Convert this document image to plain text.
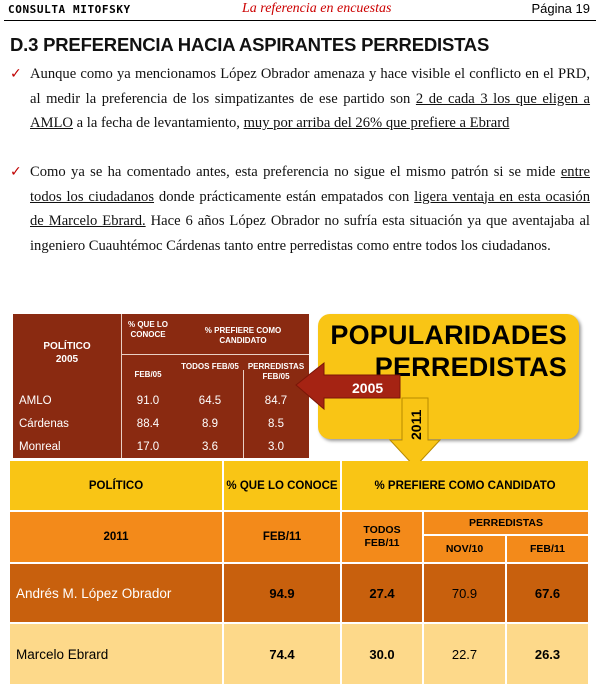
CONSULTA MITOFSKY	La referencia en encuestas	Página 19
D.3 PREFERENCIA HACIA ASPIRANTES PERREDISTAS
✓ Aunque como ya mencionamos López Obrador amenaza y hace visible el conflicto en el PRD, al medir la preferencia de los simpatizantes de ese partido son 2 de cada 3 los que eligen a AMLO a la fecha de levantamiento, muy por arriba del 26% que prefiere a Ebrard
✓ Como ya se ha comentado antes, esta preferencia no sigue el mismo patrón si se mide entre todos los ciudadanos donde prácticamente están empatados con ligera ventaja en esta ocasión de Marcelo Ebrard. Hace 6 años López Obrador no sufría esta situación ya que aventajaba al ingeniero Cuauhtémoc Cárdenas tanto entre perredistas como entre todos los ciudadanos.
POLÍTICO
2005
% QUE LO CONOCE	% PREFIERE COMO CANDIDATO
FEB/05
TODOS FEB/05	PERREDISTAS FEB/05
AMLO	91.0	64.5	84.7
Cárdenas	88.4	8.9	8.5
Monreal	17.0	3.6	3.0
POPULARIDADES
PERREDISTAS
2005
2011
POLÍTICO	% QUE LO CONOCE	% PREFIERE COMO CANDIDATO
2011	FEB/11
TODOS FEB/11
PERREDISTAS
NOV/10	FEB/11
Andrés M. López Obrador	94.9	27.4	70.9	67.6
Marcelo Ebrard	74.4	30.0	22.7	26.3
